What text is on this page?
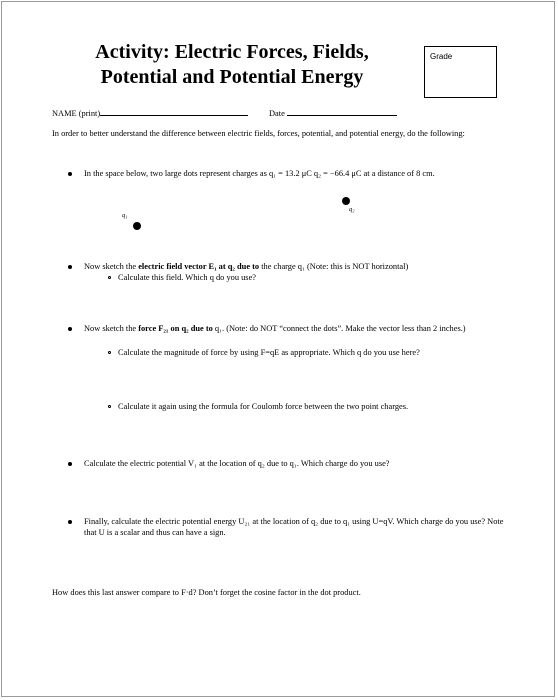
Activity: Electric Forces, Fields,
Potential and Potential Energy
Grade
NAME (print)	Date
In order to better understand the difference between electric fields, forces, potential, and potential energy, do the following:
In the space below, two large dots represent charges as q₁ = 13.2 μC q₂ = −66.4 μC at a distance of 8 cm.
q₁
q₂
Now sketch the electric field vector E₁ at q₂ due to the charge q₁ (Note: this is NOT horizontal)
Calculate this field. Which q do you use?
Now sketch the force F₂₁ on q₂ due to q₁. (Note: do NOT “connect the dots”. Make the vector less than 2 inches.)
Calculate the magnitude of force by using F=qE as appropriate. Which q do you use here?
Calculate it again using the formula for Coulomb force between the two point charges.
Calculate the electric potential V₁ at the location of q₂ due to q₁. Which charge do you use?
Finally, calculate the electric potential energy U₂₁ at the location of q₂ due to q₁ using U=qV. Which charge do you use? Note that U is a scalar and thus can have a sign.
How does this last answer compare to F·d? Don’t forget the cosine factor in the dot product.
